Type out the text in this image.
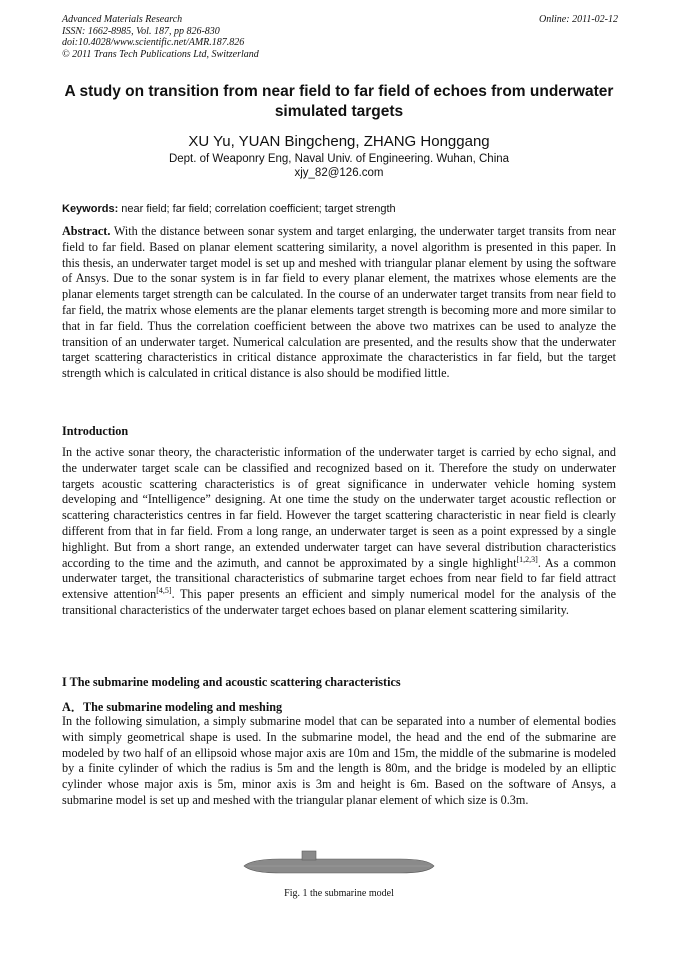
Advanced Materials Research
ISSN: 1662-8985, Vol. 187, pp 826-830
doi:10.4028/www.scientific.net/AMR.187.826
© 2011 Trans Tech Publications Ltd, Switzerland
Online: 2011-02-12
A study on transition from near field to far field of echoes from underwater simulated targets
XU Yu, YUAN Bingcheng, ZHANG Honggang
Dept. of Weaponry Eng, Naval Univ. of Engineering. Wuhan, China
xjy_82@126.com
Keywords: near field; far field; correlation coefficient; target strength
Abstract. With the distance between sonar system and target enlarging, the underwater target transits from near field to far field. Based on planar element scattering similarity, a novel algorithm is presented in this paper. In this thesis, an underwater target model is set up and meshed with triangular planar element by using the software of Ansys. Due to the sonar system is in far field to every planar element, the matrixes whose elements are the planar elements target strength can be calculated. In the course of an underwater target transits from near field to far field, the matrix whose elements are the planar elements target strength is becoming more and more similar to that in far field. Thus the correlation coefficient between the above two matrixes can be used to analyze the transition of an underwater target. Numerical calculation are presented, and the results show that the underwater target scattering characteristics in critical distance approximate the characteristics in far field, but the target strength which is calculated in critical distance is also should be modified little.
Introduction
In the active sonar theory, the characteristic information of the underwater target is carried by echo signal, and the underwater target scale can be classified and recognized based on it. Therefore the study on underwater targets acoustic scattering characteristics is of great significance in underwater vehicle homing system developing and “Intelligence” designing. At one time the study on the underwater target acoustic reflection or scattering characteristics centres in far field. However the target scattering characteristic in near field is clearly different from that in far field. From a long range, an underwater target is seen as a point expressed by a single highlight. But from a short range, an extended underwater target can have several distribution characteristics according to the time and the azimuth, and cannot be approximated by a single highlight[1,2,3]. As a common underwater target, the transitional characteristics of submarine target echoes from near field to far field attract extensive attention[4,5]. This paper presents an efficient and simply numerical model for the analysis of the transitional characteristics of the underwater target echoes based on planar element scattering similarity.
I The submarine modeling and acoustic scattering characteristics
A．The submarine modeling and meshing
In the following simulation, a simply submarine model that can be separated into a number of elemental bodies with simply geometrical shape is used. In the submarine model, the head and the end of the submarine are modeled by two half of an ellipsoid whose major axis are 10m and 15m, the middle of the submarine is modeled by a finite cylinder of which the radius is 5m and the length is 80m, and the bridge is modeled by an elliptic cylinder whose major axis is 5m, minor axis is 3m and height is 6m. Based on the software of Ansys, a submarine model is set up and meshed with the triangular planar element of which size is 0.3m.
Fig. 1 the submarine model
